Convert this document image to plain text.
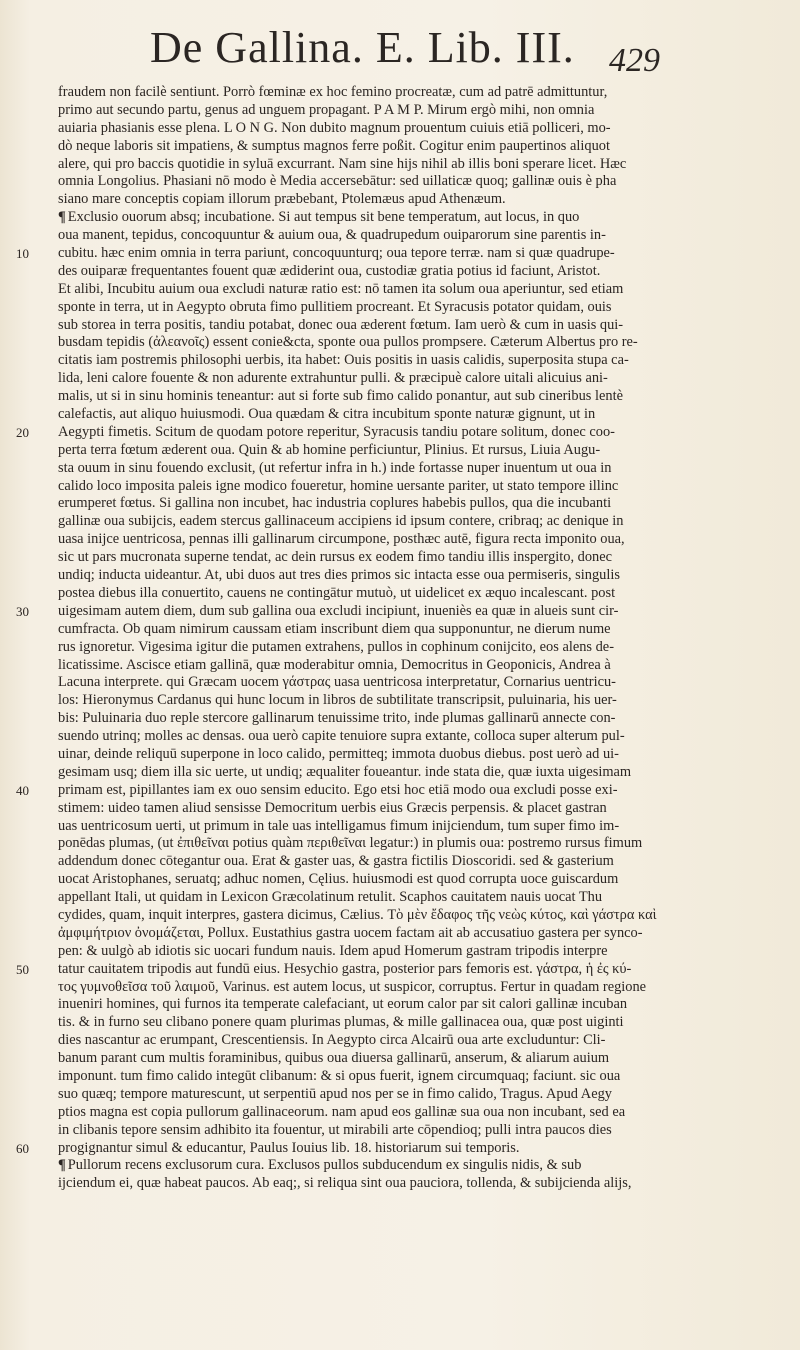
De Gallina. E. Lib. III. 429
fraudem non facilè sentiunt. Porrò fœminæ ex hoc femino procreatæ, cum ad patrē admittuntur,
primo aut secundo partu, genus ad unguem propagant. P A M P. Mirum ergò mihi, non omnia
auiaria phasianis esse plena. L O N G. Non dubito magnum prouentum cuiuis etiā polliceri, mo-
dò neque laboris sit impatiens, & sumptus magnos ferre poßit. Cogitur enim paupertinos aliquot
alere, qui pro baccis quotidie in syluā excurrant. Nam sine hijs nihil ab illis boni sperare licet. Hæc
omnia Longolius. Phasiani nō modo è Media accersebātur: sed uillaticæ quoq; gallinæ ouis è pha
siano mare conceptis copiam illorum præbebant, Ptolemæus apud Athenæum.
¶ Exclusio ouorum absq; incubatione. Si aut tempus sit bene temperatum, aut locus, in quo
oua manent, tepidus, concoquuntur & auium oua, & quadrupedum ouiparorum sine parentis in-
10	cubitu. hæc enim omnia in terra pariunt, concoquunturq; oua tepore terræ. nam si quæ quadrupe-
des ouiparæ frequentantes fouent quæ ædiderint oua, custodiæ gratia potius id faciunt, Aristot.
Et alibi, Incubitu auium oua excludi naturæ ratio est: nō tamen ita solum oua aperiuntur, sed etiam
sponte in terra, ut in Aegypto obruta fimo pullitiem procreant. Et Syracusis potator quidam, ouis
sub storea in terra positis, tandiu potabat, donec oua æderent fœtum. Iam uerò & cum in uasis qui-
busdam tepidis (ἀλεανοῖς) essent conie&cta, sponte oua pullos prompsere. Cæterum Albertus pro re-
citatis iam postremis philosophi uerbis, ita habet: Ouis positis in uasis calidis, superposita stupa ca-
lida, leni calore fouente & non adurente extrahuntur pulli. & præcipuè calore uitali alicuius ani-
malis, ut si in sinu hominis teneantur: aut si forte sub fimo calido ponantur, aut sub cineribus lentè
calefactis, aut aliquo huiusmodi. Oua quædam & citra incubitum sponte naturæ gignunt, ut in
20	Aegypti fimetis. Scitum de quodam potore reperitur, Syracusis tandiu potare solitum, donec coo-
perta terra fœtum æderent oua. Quin & ab homine perficiuntur, Plinius. Et rursus, Liuia Augu-
sta ouum in sinu fouendo exclusit, (ut refertur infra in h.) inde fortasse nuper inuentum ut oua in
calido loco imposita paleis igne modico foueretur, homine uersante pariter, ut stato tempore illinc
erumperet fœtus. Si gallina non incubet, hac industria coplures habebis pullos, qua die incubanti
gallinæ oua subijcis, eadem stercus gallinaceum accipiens id ipsum contere, cribraq; ac denique in
uasa inijce uentricosa, pennas illi gallinarum circumpone, posthæc autē, figura recta imponito oua,
sic ut pars mucronata superne tendat, ac dein rursus ex eodem fimo tandiu illis inspergito, donec
undiq; inducta uideantur. At, ubi duos aut tres dies primos sic intacta esse oua permiseris, singulis
postea diebus illa conuertito, cauens ne contingātur mutuò, ut uidelicet ex æquo incalescant. post
30	uigesimam autem diem, dum sub gallina oua excludi incipiunt, inueniès ea quæ in alueis sunt cir-
cumfracta. Ob quam nimirum caussam etiam inscribunt diem qua supponuntur, ne dierum nume
rus ignoretur. Vigesima igitur die putamen extrahens, pullos in cophinum conijcito, eos alens de-
licatissime. Ascisce etiam gallinā, quæ moderabitur omnia, Democritus in Geoponicis, Andrea à
Lacuna interprete. qui Græcam uocem γάστρας uasa uentricosa interpretatur, Cornarius uentricu-
los: Hieronymus Cardanus qui hunc locum in libros de subtilitate transcripsit, puluinaria, his uer-
bis: Puluinaria duo reple stercore gallinarum tenuissime trito, inde plumas gallinarū annecte con-
suendo utrinq; molles ac densas. oua uerò capite tenuiore supra extante, colloca super alterum pul-
uinar, deinde reliquū superpone in loco calido, permitteq; immota duobus diebus. post uerò ad ui-
gesimam usq; diem illa sic uerte, ut undiq; æqualiter foueantur. inde stata die, quæ iuxta uigesimam
40	primam est, pipillantes iam ex ouo sensim educito. Ego etsi hoc etiā modo oua excludi posse exi-
stimem: uideo tamen aliud sensisse Democritum uerbis eius Græcis perpensis. & placet gastran
uas uentricosum uerti, ut primum in tale uas intelligamus fimum inijciendum, tum super fimo im-
ponēdas plumas, (ut ἐπιθεῖναι potius quàm περιθεῖναι legatur:) in plumis oua: postremo rursus fimum
addendum donec cōtegantur oua. Erat & gaster uas, & gastra fictilis Dioscoridi. sed & gasterium
uocat Aristophanes, seruatq; adhuc nomen, Cęlius. huiusmodi est quod corrupta uoce guiscardum
appellant Itali, ut quidam in Lexicon Græcolatinum retulit. Scaphos cauitatem nauis uocat Thu
cydides, quam, inquit interpres, gastera dicimus, Cælius. Τὸ μὲν ἔδαφος τῆς νεὼς κύτος, καὶ γάστρα καὶ
ἀμφιμήτριον ὀνομάζεται, Pollux. Eustathius gastra uocem factam ait ab accusatiuo gastera per synco-
pen: & uulgò ab idiotis sic uocari fundum nauis. Idem apud Homerum gastram tripodis interpre
50	tatur cauitatem tripodis aut fundū eius. Hesychio gastra, posterior pars femoris est. γάστρα, ἡ ἐς κύ-
τος γυμνοθεῖσα τοῦ λαιμοῦ, Varinus. est autem locus, ut suspicor, corruptus. Fertur in quadam regione
inueniri homines, qui furnos ita temperate calefaciant, ut eorum calor par sit calori gallinæ incuban
tis. & in furno seu clibano ponere quam plurimas plumas, & mille gallinacea oua, quæ post uiginti
dies nascantur ac erumpant, Crescentiensis. In Aegypto circa Alcairū oua arte excluduntur: Cli-
banum parant cum multis foraminibus, quibus oua diuersa gallinarū, anserum, & aliarum auium
imponunt. tum fimo calido integūt clibanum: & si opus fuerit, ignem circumquaq; faciunt. sic oua
suo quæq; tempore maturescunt, ut serpentiū apud nos per se in fimo calido, Tragus. Apud Aegy
ptios magna est copia pullorum gallinaceorum. nam apud eos gallinæ sua oua non incubant, sed ea
in clibanis tepore sensim adhibito ita fouentur, ut mirabili arte cōpendioq; pulli intra paucos dies
60	progignantur simul & educantur, Paulus Iouius lib. 18. historiarum sui temporis.
¶ Pullorum recens exclusorum cura. Exclusos pullos subducendum ex singulis nidis, & sub
ijciendum ei, quæ habeat paucos. Ab eaq;, si reliqua sint oua pauciora, tollenda, & subijcienda alijs,
